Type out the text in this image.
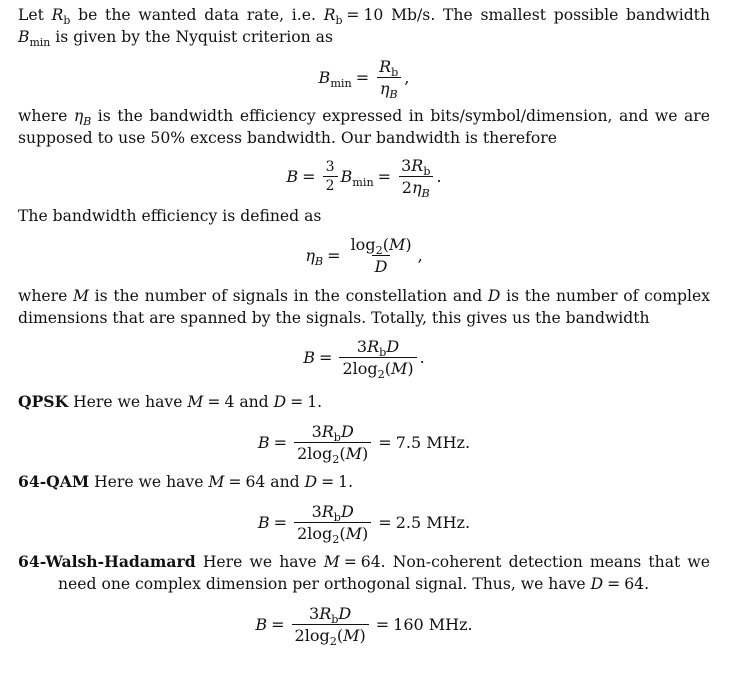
Let $R_b$ be the wanted data rate, i.e. $R_b = 10$ Mb/s. The smallest possible bandwidth $B_{min}$ is given by the Nyquist criterion as

$B_{min} = \frac{R_b}{\eta_B}$ ,

where $\eta_B$ is the bandwidth efficiency expressed in bits/symbol/dimension, and we are supposed to use 50% excess bandwidth. Our bandwidth is therefore

$B = \frac{3}{2} B_{min} = \frac{3R_b}{2\eta_B}$ .

The bandwidth efficiency is defined as

$\eta_B = \frac{\log_2(M)}{D}$ ,

where M is the number of signals in the constellation and D is the number of complex dimensions that are spanned by the signals. Totally, this gives us the bandwidth

$B = \frac{3R_bD}{2\log_2(M)}$ .

QPSK Here we have M = 4 and D = 1.

$B = \frac{3R_bD}{2\log_2(M)} = 7.5$ MHz.

64-QAM Here we have M = 64 and D = 1.

$B = \frac{3R_bD}{2\log_2(M)} = 2.5$ MHz.

64-Walsh-Hadamard Here we have M = 64. Non-coherent detection means that we need one complex dimension per orthogonal signal. Thus, we have D = 64.

$B = \frac{3R_bD}{2\log_2(M)} = 160$ MHz.
